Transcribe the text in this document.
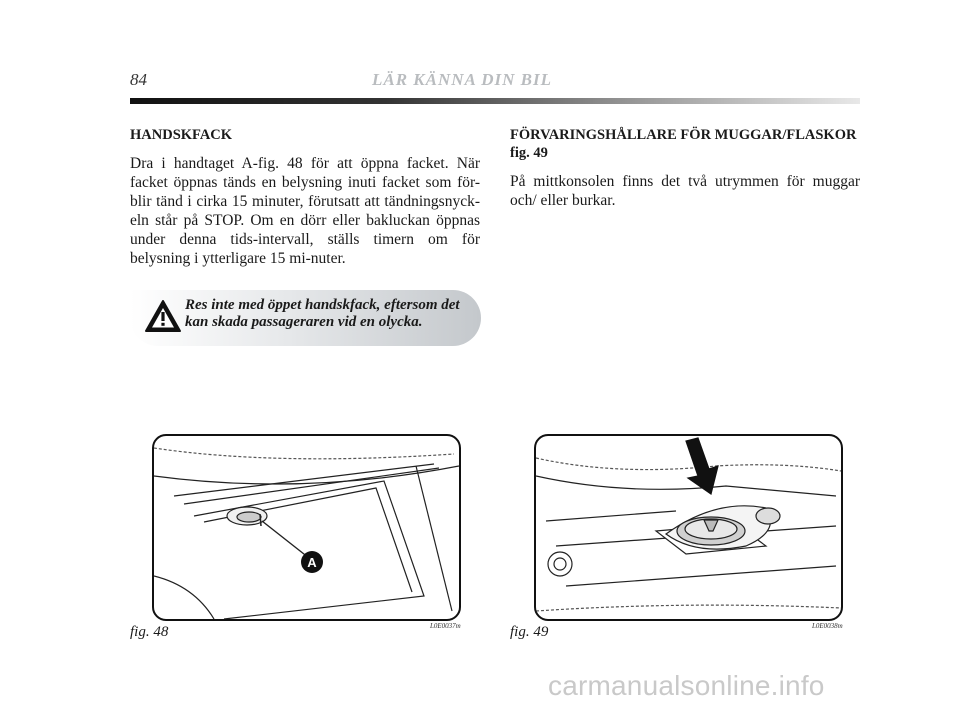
84	LÄR KÄNNA DIN BIL
HANDSKFACK

Dra i handtaget A-fig. 48 för att öppna facket. När facket öppnas tänds en belysning inuti facket som för-blir tänd i cirka 15 minuter, förutsatt att tändningsnyck-eln står på STOP. Om en dörr eller bakluckan öppnas under denna tids-intervall, ställs timern om för belysning i ytterligare 15 mi-nuter.

Res inte med öppet handskfack, eftersom det kan skada passageraren vid en olycka.
FÖRVARINGSHÅLLARE FÖR MUGGAR/FLASKOR fig. 49

På mittkonsolen finns det två utrymmen för muggar och/ eller burkar.

A
fig. 48	L0E0037m	fig. 49	L0E0038m
carmanualsonline.info
